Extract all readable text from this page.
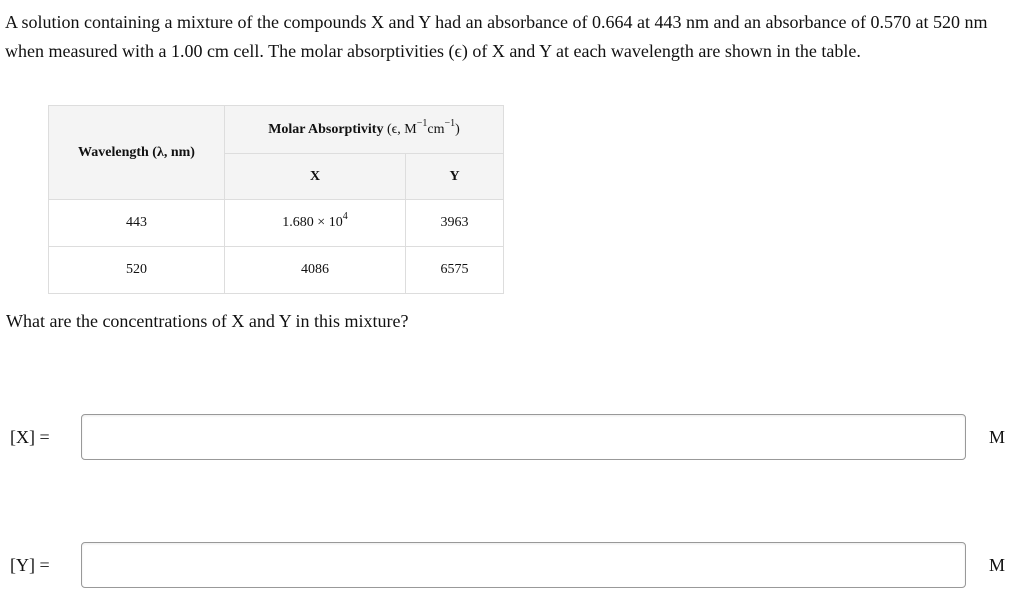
A solution containing a mixture of the compounds X and Y had an absorbance of 0.664 at 443 nm and an absorbance of 0.570 at 520 nm when measured with a 1.00 cm cell. The molar absorptivities (ϵ) of X and Y at each wavelength are shown in the table.

Wavelength (λ, nm)	Molar Absorptivity (ϵ, $M^{-1}cm^{-1}$)	
	X	Y
443	$1.680 \times 10^4$	3963
520	4086	6575

What are the concentrations of X and Y in this mixture?

[X] =	M
[Y] =	M
